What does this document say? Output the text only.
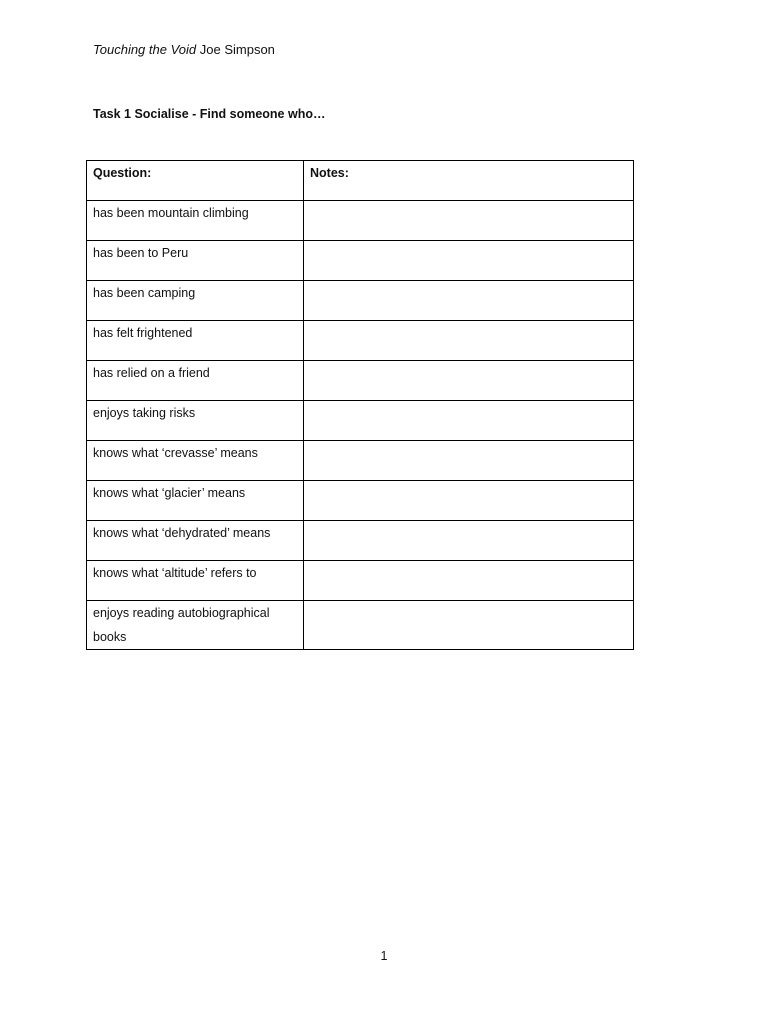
Touching the Void Joe Simpson
Task 1 Socialise - Find someone who…
Question:	Notes:
has been mountain climbing	
has been to Peru	
has been camping	
has felt frightened	
has relied on a friend	
enjoys taking risks	
knows what ‘crevasse’ means	
knows what ‘glacier’ means	
knows what ‘dehydrated’ means	
knows what ‘altitude’ refers to	
enjoys reading autobiographical books	
1
